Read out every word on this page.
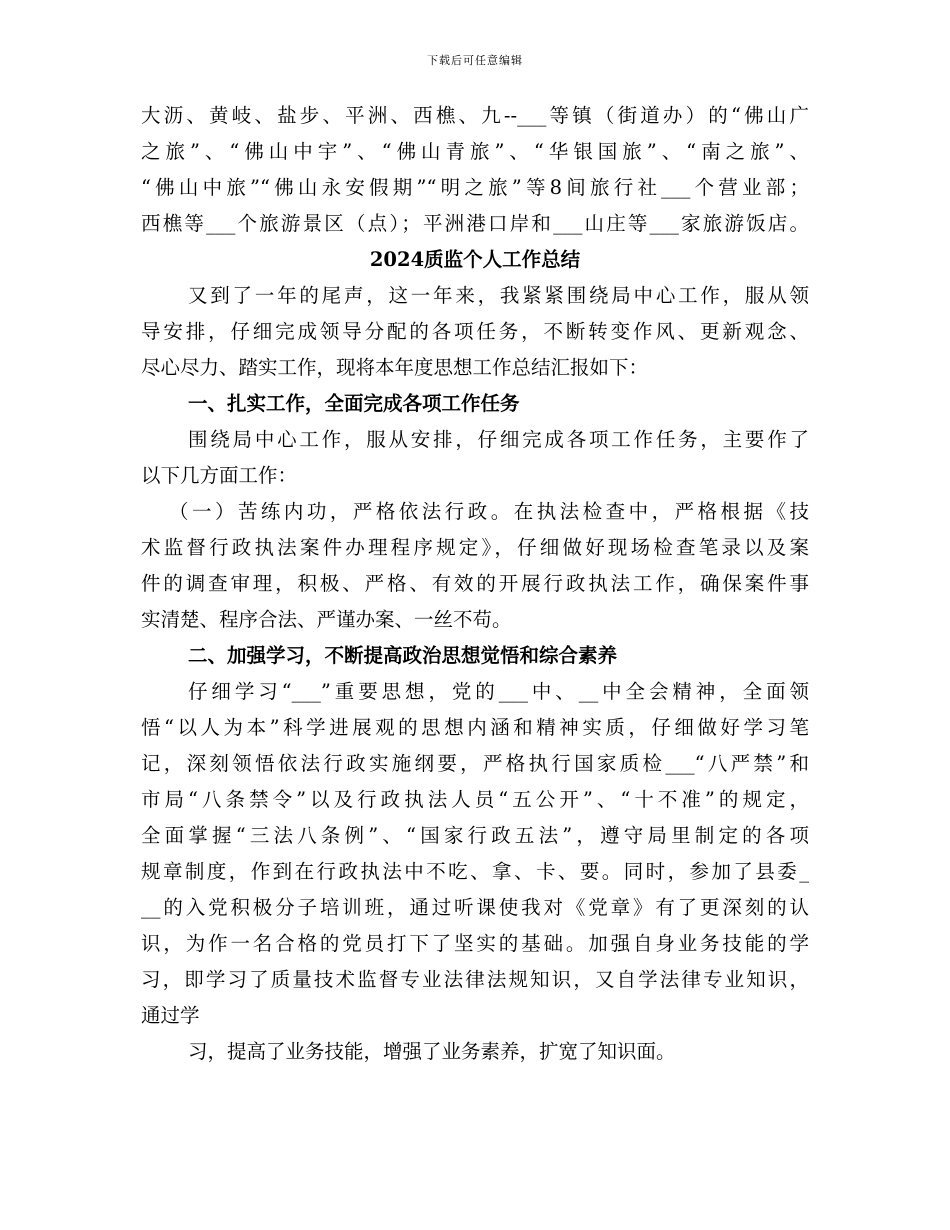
下载后可任意编辑
大沥、黄岐、盐步、平洲、西樵、九--___等镇（街道办）的“佛山广
之旅”、“佛山中宇”、“佛山青旅”、“华银国旅”、“南之旅”、
“佛山中旅”“佛山永安假期”“明之旅”等8间旅行社___个营业部；
西樵等___个旅游景区（点）；平洲港口岸和___山庄等___家旅游饭店。
2024质监个人工作总结
又到了一年的尾声，这一年来，我紧紧围绕局中心工作，服从领
导安排，仔细完成领导分配的各项任务，不断转变作风、更新观念、
尽心尽力、踏实工作，现将本年度思想工作总结汇报如下：
一、扎实工作，全面完成各项工作任务
围绕局中心工作，服从安排，仔细完成各项工作任务，主要作了
以下几方面工作：
（一）苦练内功，严格依法行政。在执法检查中，严格根据《技
术监督行政执法案件办理程序规定》，仔细做好现场检查笔录以及案
件的调查审理，积极、严格、有效的开展行政执法工作，确保案件事
实清楚、程序合法、严谨办案、一丝不苟。
二、加强学习，不断提高政治思想觉悟和综合素养
仔细学习“___”重要思想，党的___中、__中全会精神，全面领
悟“以人为本”科学进展观的思想内涵和精神实质，仔细做好学习笔
记，深刻领悟依法行政实施纲要，严格执行国家质检___“八严禁”和
市局“八条禁令”以及行政执法人员“五公开”、“十不准”的规定，
全面掌握“三法八条例”、“国家行政五法”，遵守局里制定的各项
规章制度，作到在行政执法中不吃、拿、卡、要。同时，参加了县委_
__的入党积极分子培训班，通过听课使我对《党章》有了更深刻的认
识，为作一名合格的党员打下了坚实的基础。加强自身业务技能的学
习，即学习了质量技术监督专业法律法规知识，又自学法律专业知识，
通过学
习，提高了业务技能，增强了业务素养，扩宽了知识面。
